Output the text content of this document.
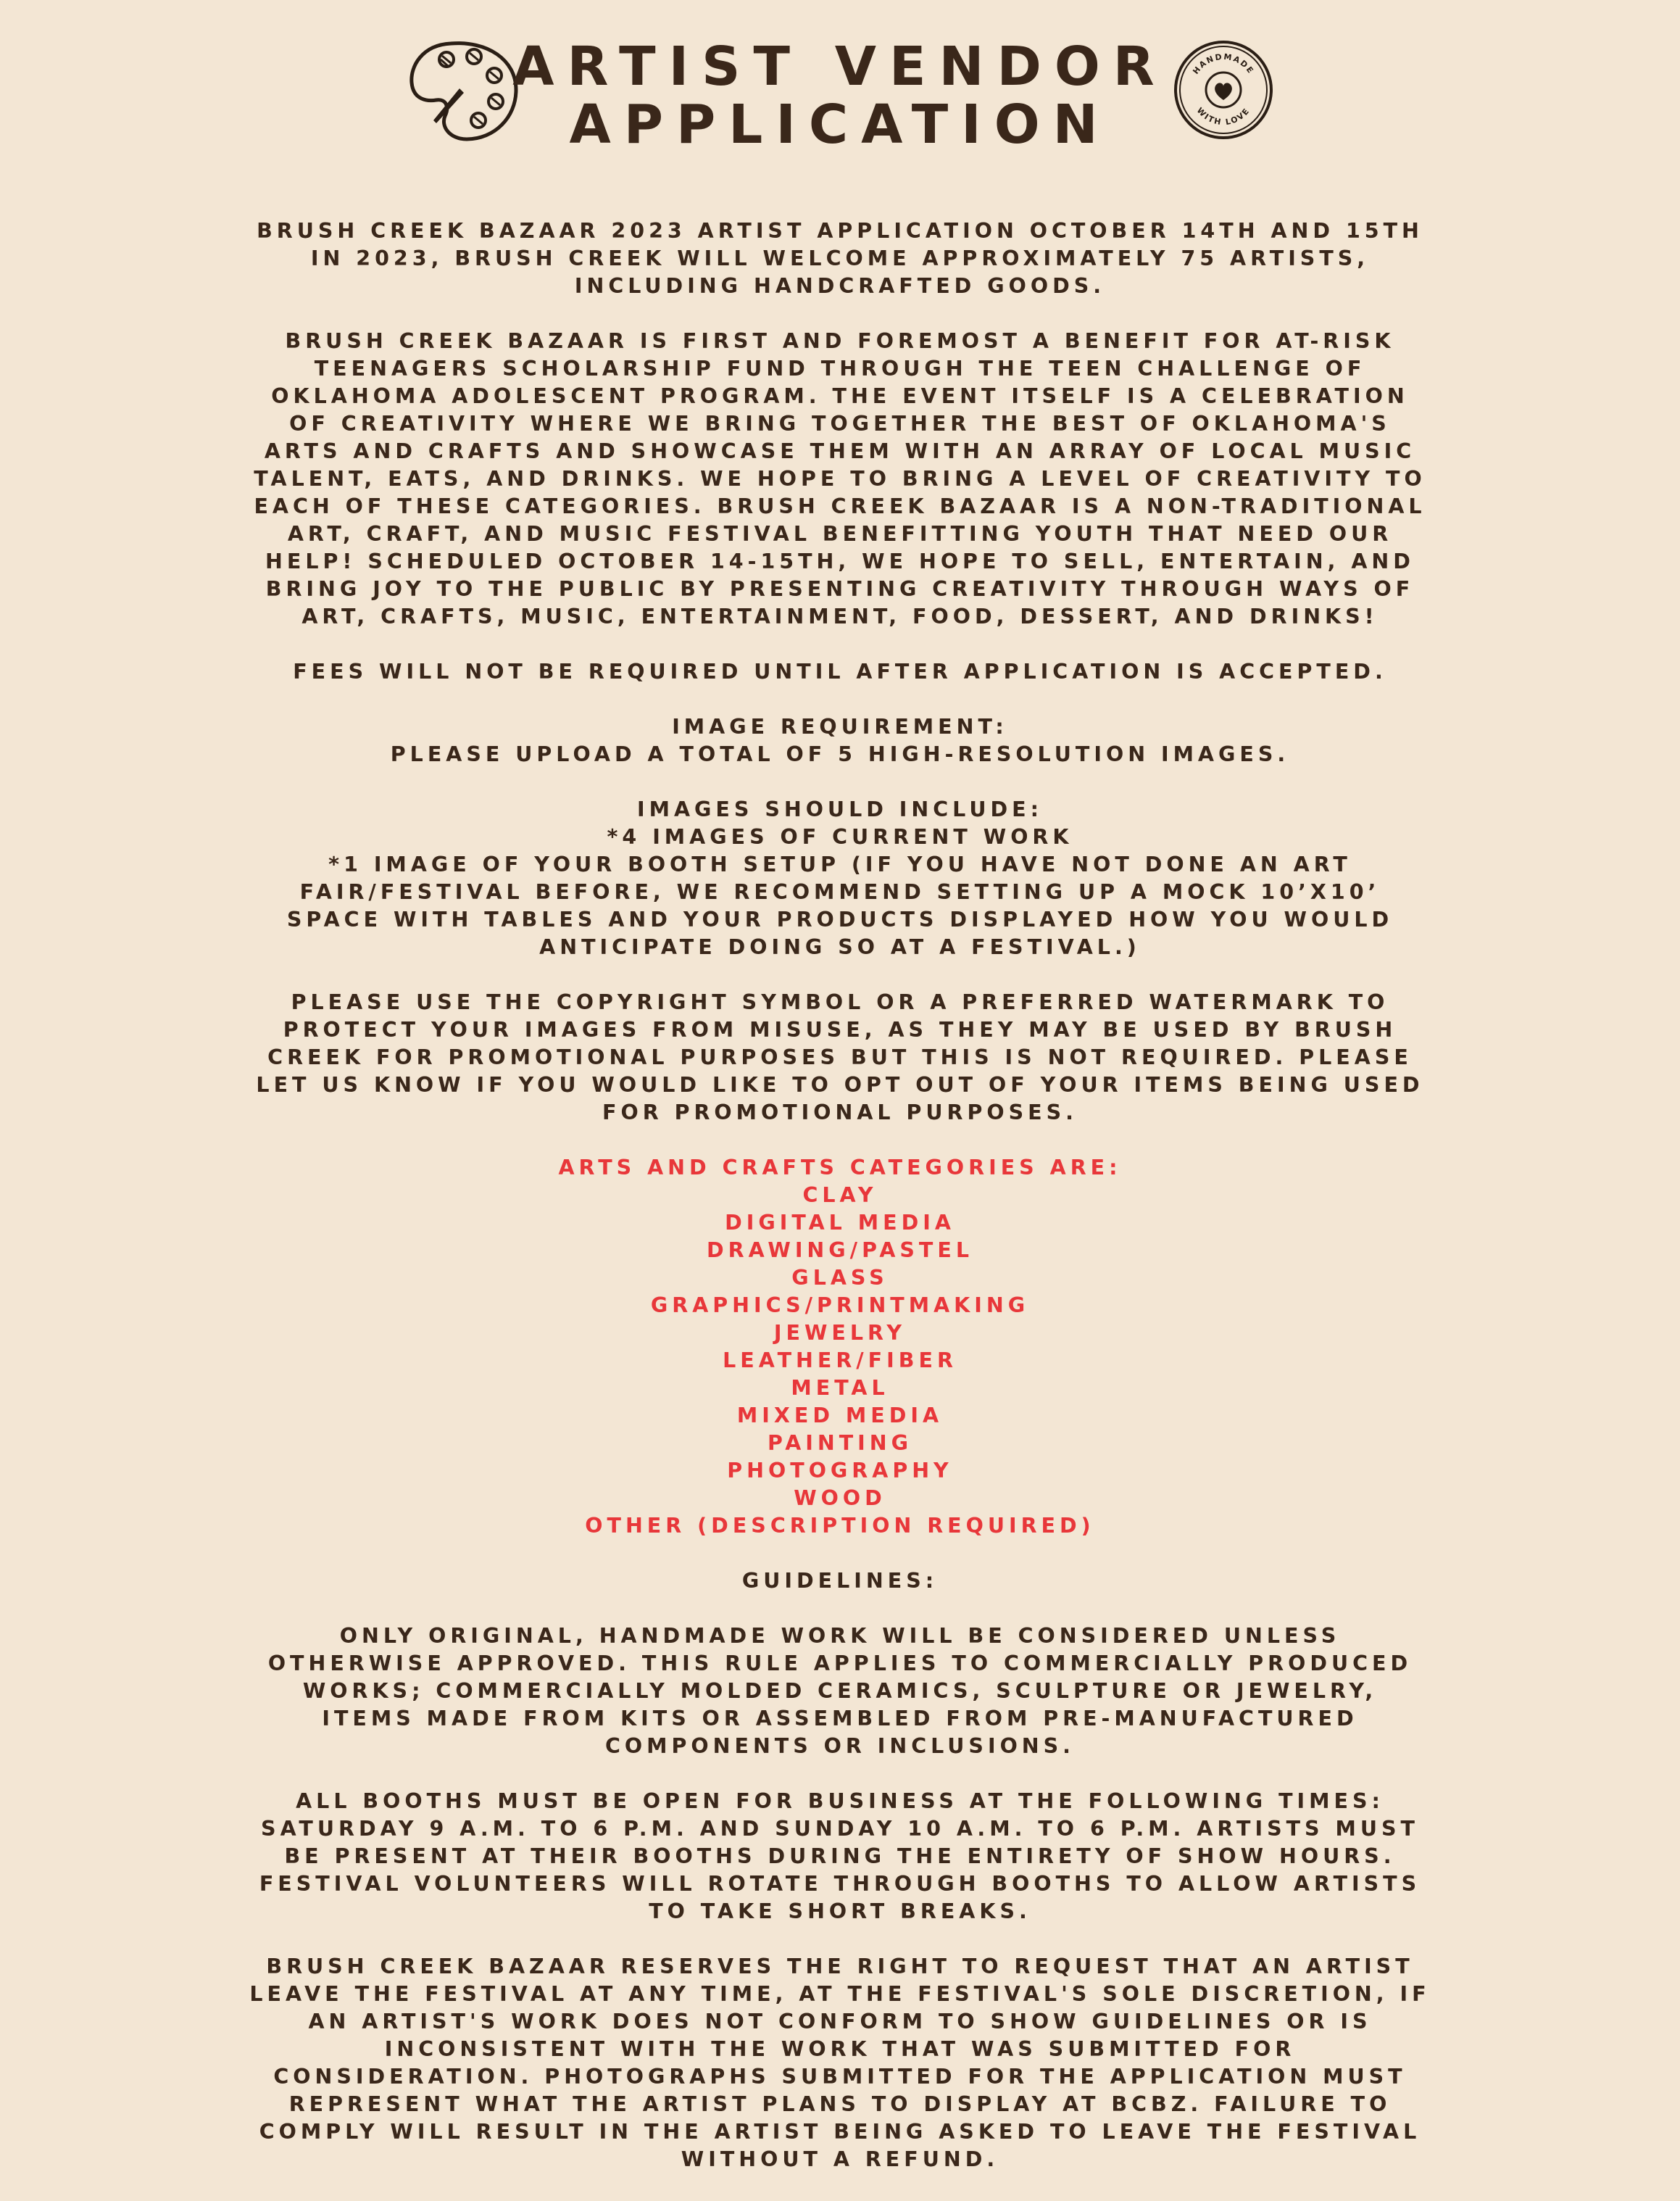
ARTIST VENDOR
APPLICATION
HANDMADE
WITH LOVE

BRUSH CREEK BAZAAR 2023 ARTIST APPLICATION OCTOBER 14TH AND 15TH
IN 2023, BRUSH CREEK WILL WELCOME APPROXIMATELY 75 ARTISTS,
INCLUDING HANDCRAFTED GOODS.

BRUSH CREEK BAZAAR IS FIRST AND FOREMOST A BENEFIT FOR AT-RISK
TEENAGERS SCHOLARSHIP FUND THROUGH THE TEEN CHALLENGE OF
OKLAHOMA ADOLESCENT PROGRAM. THE EVENT ITSELF IS A CELEBRATION
OF CREATIVITY WHERE WE BRING TOGETHER THE BEST OF OKLAHOMA'S
ARTS AND CRAFTS AND SHOWCASE THEM WITH AN ARRAY OF LOCAL MUSIC
TALENT, EATS, AND DRINKS. WE HOPE TO BRING A LEVEL OF CREATIVITY TO
EACH OF THESE CATEGORIES. BRUSH CREEK BAZAAR IS A NON-TRADITIONAL
ART, CRAFT, AND MUSIC FESTIVAL BENEFITTING YOUTH THAT NEED OUR
HELP! SCHEDULED OCTOBER 14-15TH, WE HOPE TO SELL, ENTERTAIN, AND
BRING JOY TO THE PUBLIC BY PRESENTING CREATIVITY THROUGH WAYS OF
ART, CRAFTS, MUSIC, ENTERTAINMENT, FOOD, DESSERT, AND DRINKS!

FEES WILL NOT BE REQUIRED UNTIL AFTER APPLICATION IS ACCEPTED.

IMAGE REQUIREMENT:
PLEASE UPLOAD A TOTAL OF 5 HIGH-RESOLUTION IMAGES.

IMAGES SHOULD INCLUDE:
*4 IMAGES OF CURRENT WORK
*1 IMAGE OF YOUR BOOTH SETUP (IF YOU HAVE NOT DONE AN ART
FAIR/FESTIVAL BEFORE, WE RECOMMEND SETTING UP A MOCK 10’X10’
SPACE WITH TABLES AND YOUR PRODUCTS DISPLAYED HOW YOU WOULD
ANTICIPATE DOING SO AT A FESTIVAL.)

PLEASE USE THE COPYRIGHT SYMBOL OR A PREFERRED WATERMARK TO
PROTECT YOUR IMAGES FROM MISUSE, AS THEY MAY BE USED BY BRUSH
CREEK FOR PROMOTIONAL PURPOSES BUT THIS IS NOT REQUIRED. PLEASE
LET US KNOW IF YOU WOULD LIKE TO OPT OUT OF YOUR ITEMS BEING USED
FOR PROMOTIONAL PURPOSES.

ARTS AND CRAFTS CATEGORIES ARE:
CLAY
DIGITAL MEDIA
DRAWING/PASTEL
GLASS
GRAPHICS/PRINTMAKING
JEWELRY
LEATHER/FIBER
METAL
MIXED MEDIA
PAINTING
PHOTOGRAPHY
WOOD
OTHER (DESCRIPTION REQUIRED)

GUIDELINES:

ONLY ORIGINAL, HANDMADE WORK WILL BE CONSIDERED UNLESS
OTHERWISE APPROVED. THIS RULE APPLIES TO COMMERCIALLY PRODUCED
WORKS; COMMERCIALLY MOLDED CERAMICS, SCULPTURE OR JEWELRY,
ITEMS MADE FROM KITS OR ASSEMBLED FROM PRE-MANUFACTURED
COMPONENTS OR INCLUSIONS.

ALL BOOTHS MUST BE OPEN FOR BUSINESS AT THE FOLLOWING TIMES:
SATURDAY 9 A.M. TO 6 P.M. AND SUNDAY 10 A.M. TO 6 P.M. ARTISTS MUST
BE PRESENT AT THEIR BOOTHS DURING THE ENTIRETY OF SHOW HOURS.
FESTIVAL VOLUNTEERS WILL ROTATE THROUGH BOOTHS TO ALLOW ARTISTS
TO TAKE SHORT BREAKS.

BRUSH CREEK BAZAAR RESERVES THE RIGHT TO REQUEST THAT AN ARTIST
LEAVE THE FESTIVAL AT ANY TIME, AT THE FESTIVAL'S SOLE DISCRETION, IF
AN ARTIST'S WORK DOES NOT CONFORM TO SHOW GUIDELINES OR IS
INCONSISTENT WITH THE WORK THAT WAS SUBMITTED FOR
CONSIDERATION. PHOTOGRAPHS SUBMITTED FOR THE APPLICATION MUST
REPRESENT WHAT THE ARTIST PLANS TO DISPLAY AT BCBZ. FAILURE TO
COMPLY WILL RESULT IN THE ARTIST BEING ASKED TO LEAVE THE FESTIVAL
WITHOUT A REFUND.
